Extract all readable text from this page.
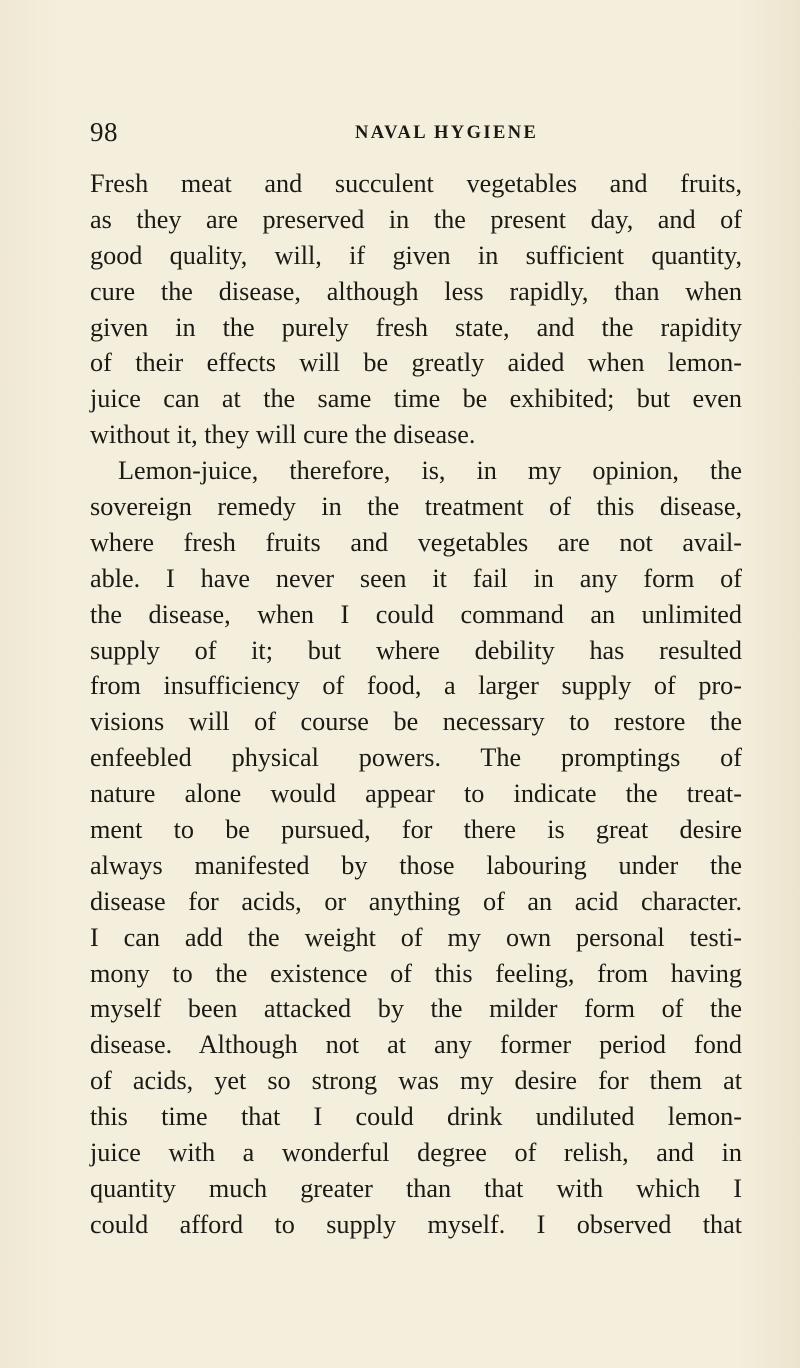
98	NAVAL HYGIENE
Fresh meat and succulent vegetables and fruits,
as they are preserved in the present day, and of
good quality, will, if given in sufficient quantity,
cure the disease, although less rapidly, than when
given in the purely fresh state, and the rapidity
of their effects will be greatly aided when lemon-
juice can at the same time be exhibited; but even
without it, they will cure the disease.
Lemon-juice, therefore, is, in my opinion, the
sovereign remedy in the treatment of this disease,
where fresh fruits and vegetables are not avail-
able. I have never seen it fail in any form of
the disease, when I could command an unlimited
supply of it; but where debility has resulted
from insufficiency of food, a larger supply of pro-
visions will of course be necessary to restore the
enfeebled physical powers. The promptings of
nature alone would appear to indicate the treat-
ment to be pursued, for there is great desire
always manifested by those labouring under the
disease for acids, or anything of an acid character.
I can add the weight of my own personal testi-
mony to the existence of this feeling, from having
myself been attacked by the milder form of the
disease. Although not at any former period fond
of acids, yet so strong was my desire for them at
this time that I could drink undiluted lemon-
juice with a wonderful degree of relish, and in
quantity much greater than that with which I
could afford to supply myself. I observed that
